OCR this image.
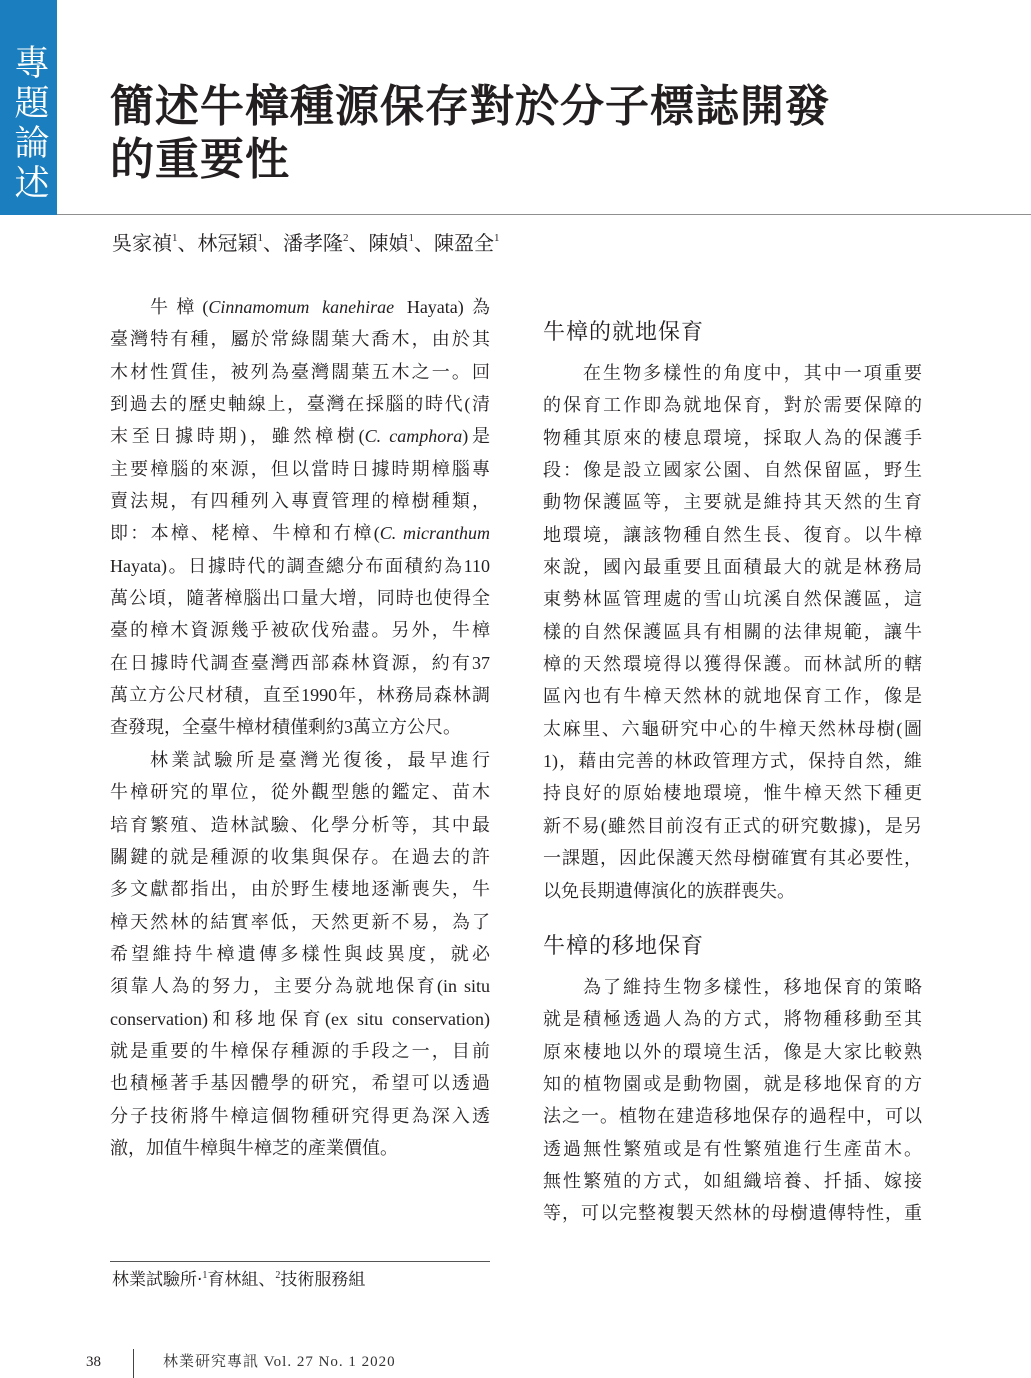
專題論述 簡述牛樟種源保存對於分子標誌開發
的重要性
吳家禎$^1$、林冠穎$^1$、潘孝隆$^2$、陳媜$^1$、陳盈全$^1$
牛樟(Cinnamomum kanehirae Hayata)為
臺灣特有種，屬於常綠闊葉大喬木，由於其
木材性質佳，被列為臺灣闊葉五木之一。回
到過去的歷史軸線上，臺灣在採腦的時代(清
末至日據時期)，雖然樟樹(C. camphora)是
主要樟腦的來源，但以當時日據時期樟腦專
賣法規，有四種列入專賣管理的樟樹種類，
即：本樟、栳樟、牛樟和冇樟(C. micranthum
Hayata)。日據時代的調查總分布面積約為110
萬公頃，隨著樟腦出口量大增，同時也使得全
臺的樟木資源幾乎被砍伐殆盡。另外，牛樟
在日據時代調查臺灣西部森林資源，約有37
萬立方公尺材積，直至1990年，林務局森林調
查發現，全臺牛樟材積僅剩約3萬立方公尺。
林業試驗所是臺灣光復後，最早進行
牛樟研究的單位，從外觀型態的鑑定、苗木
培育繁殖、造林試驗、化學分析等，其中最
關鍵的就是種源的收集與保存。在過去的許
多文獻都指出，由於野生棲地逐漸喪失，牛
樟天然林的結實率低，天然更新不易，為了
希望維持牛樟遺傳多樣性與歧異度，就必
須靠人為的努力，主要分為就地保育(in situ
conservation)和移地保育(ex situ conservation)
就是重要的牛樟保存種源的手段之一，目前
也積極著手基因體學的研究，希望可以透過
分子技術將牛樟這個物種研究得更為深入透
澈，加值牛樟與牛樟芝的產業價值。
牛樟的就地保育
在生物多樣性的角度中，其中一項重要
的保育工作即為就地保育，對於需要保障的
物種其原來的棲息環境，採取人為的保護手
段：像是設立國家公園、自然保留區，野生
動物保護區等，主要就是維持其天然的生育
地環境，讓該物種自然生長、復育。以牛樟
來說，國內最重要且面積最大的就是林務局
東勢林區管理處的雪山坑溪自然保護區，這
樣的自然保護區具有相關的法律規範，讓牛
樟的天然環境得以獲得保護。而林試所的轄
區內也有牛樟天然林的就地保育工作，像是
太麻里、六龜研究中心的牛樟天然林母樹(圖
1)，藉由完善的林政管理方式，保持自然，維
持良好的原始棲地環境，惟牛樟天然下種更
新不易(雖然目前沒有正式的研究數據)，是另
一課題，因此保護天然母樹確實有其必要性，
以免長期遺傳演化的族群喪失。
牛樟的移地保育
為了維持生物多樣性，移地保育的策略
就是積極透過人為的方式，將物種移動至其
原來棲地以外的環境生活，像是大家比較熟
知的植物園或是動物園，就是移地保育的方
法之一。植物在建造移地保存的過程中，可以
透過無性繁殖或是有性繁殖進行生產苗木。
無性繁殖的方式，如組織培養、扦插、嫁接
等，可以完整複製天然林的母樹遺傳特性，重
林業試驗所‧$^1$育林組、$^2$技術服務組
38	林業研究專訊 Vol. 27 No. 1 2020
